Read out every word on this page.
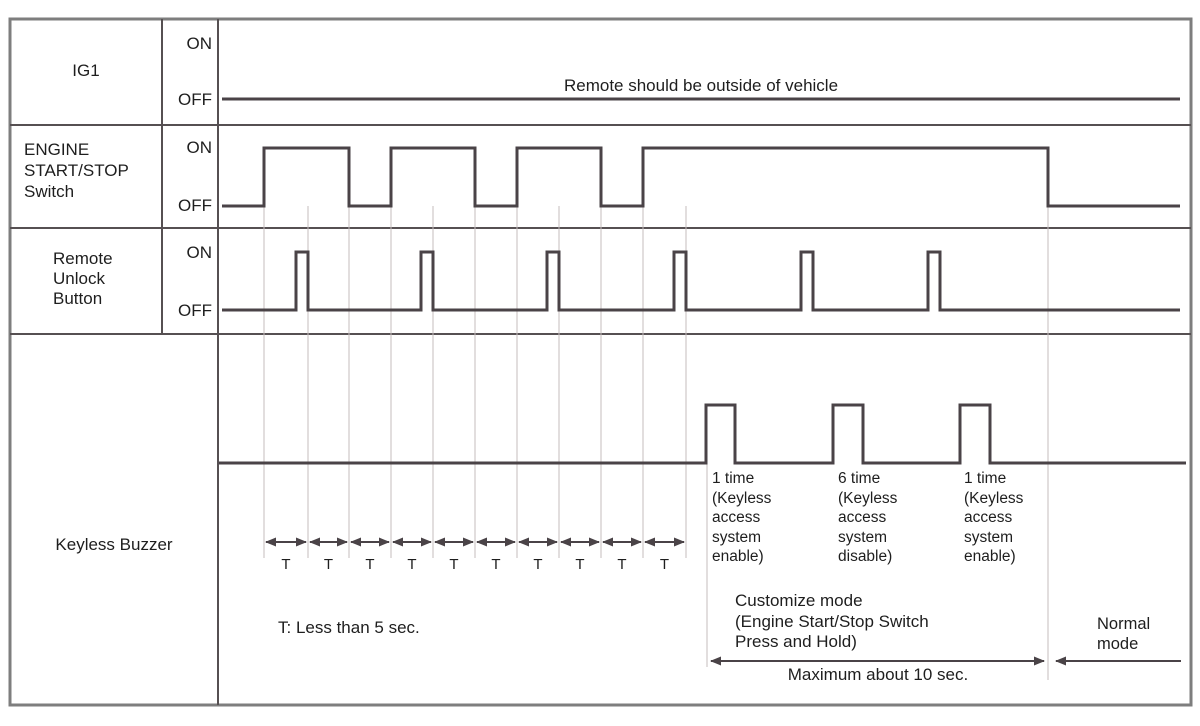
IG1
ENGINE
START/STOP
Switch
Remote
Unlock
Button
Keyless Buzzer
ON
OFF
ON
OFF
ON
OFF
Remote should be outside of vehicle
T: Less than 5 sec.
Customize mode
(Engine Start/Stop Switch
Press and Hold)
Maximum about 10 sec.
Normal
mode
1 time
(Keyless
access
system
enable)
6 time
(Keyless
access
system
disable)
1 time
(Keyless
access
system
enable)
T	T	T	T	T	T	T	T	T	T
